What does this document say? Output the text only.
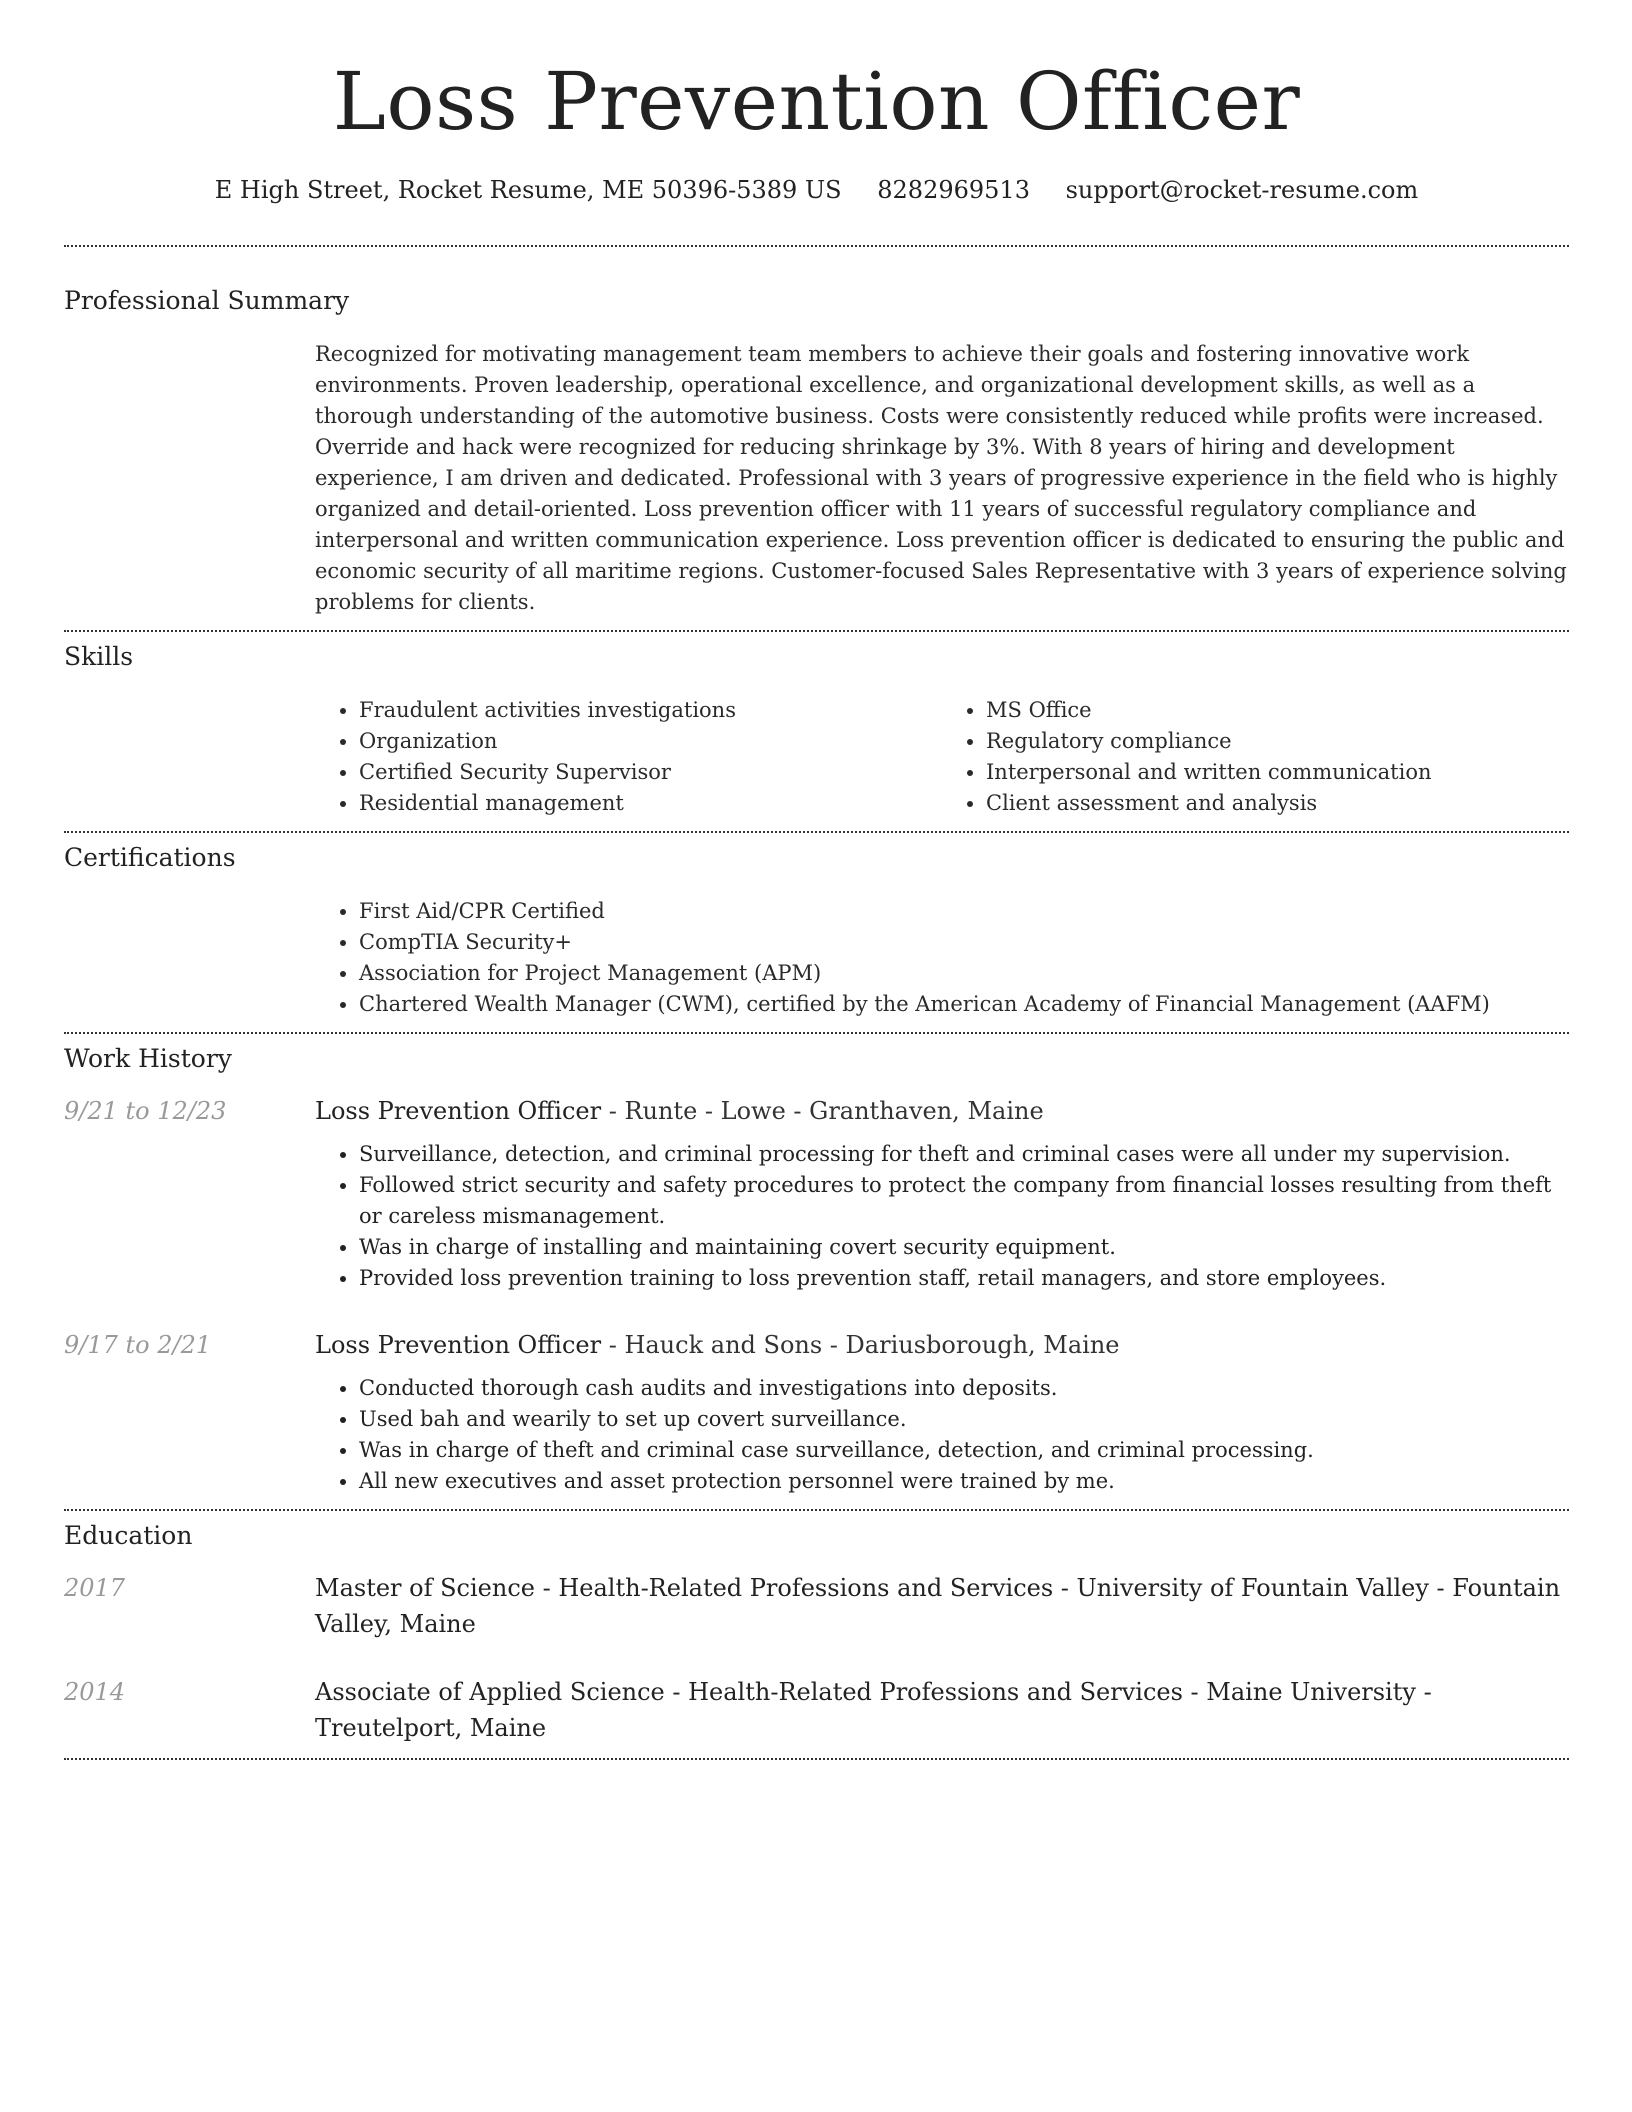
Loss Prevention Officer
E High Street, Rocket Resume, ME 50396-5389 US 8282969513 support@rocket-resume.com
Professional Summary

Recognized for motivating management team members to achieve their goals and fostering innovative work environments. Proven leadership, operational excellence, and organizational development skills, as well as a thorough understanding of the automotive business. Costs were consistently reduced while profits were increased. Override and hack were recognized for reducing shrinkage by 3%. With 8 years of hiring and development experience, I am driven and dedicated. Professional with 3 years of progressive experience in the field who is highly organized and detail-oriented. Loss prevention officer with 11 years of successful regulatory compliance and interpersonal and written communication experience. Loss prevention officer is dedicated to ensuring the public and economic security of all maritime regions. Customer-focused Sales Representative with 3 years of experience solving problems for clients.

Skills
• Fraudulent activities investigations
• Organization
• Certified Security Supervisor
• Residential management
• MS Office
• Regulatory compliance
• Interpersonal and written communication
• Client assessment and analysis
Certifications
• First Aid/CPR Certified
• CompTIA Security+
• Association for Project Management (APM)
• Chartered Wealth Manager (CWM), certified by the American Academy of Financial Management (AAFM)
Work History
9/21 to 12/23	Loss Prevention Officer - Runte - Lowe - Granthaven, Maine
• Surveillance, detection, and criminal processing for theft and criminal cases were all under my supervision.
• Followed strict security and safety procedures to protect the company from financial losses resulting from theft or careless mismanagement.
• Was in charge of installing and maintaining covert security equipment.
• Provided loss prevention training to loss prevention staff, retail managers, and store employees.
9/17 to 2/21	Loss Prevention Officer - Hauck and Sons - Dariusborough, Maine
• Conducted thorough cash audits and investigations into deposits.
• Used bah and wearily to set up covert surveillance.
• Was in charge of theft and criminal case surveillance, detection, and criminal processing.
• All new executives and asset protection personnel were trained by me.
Education
2017	Master of Science - Health-Related Professions and Services - University of Fountain Valley - Fountain Valley, Maine
2014	Associate of Applied Science - Health-Related Professions and Services - Maine University - Treutelport, Maine
